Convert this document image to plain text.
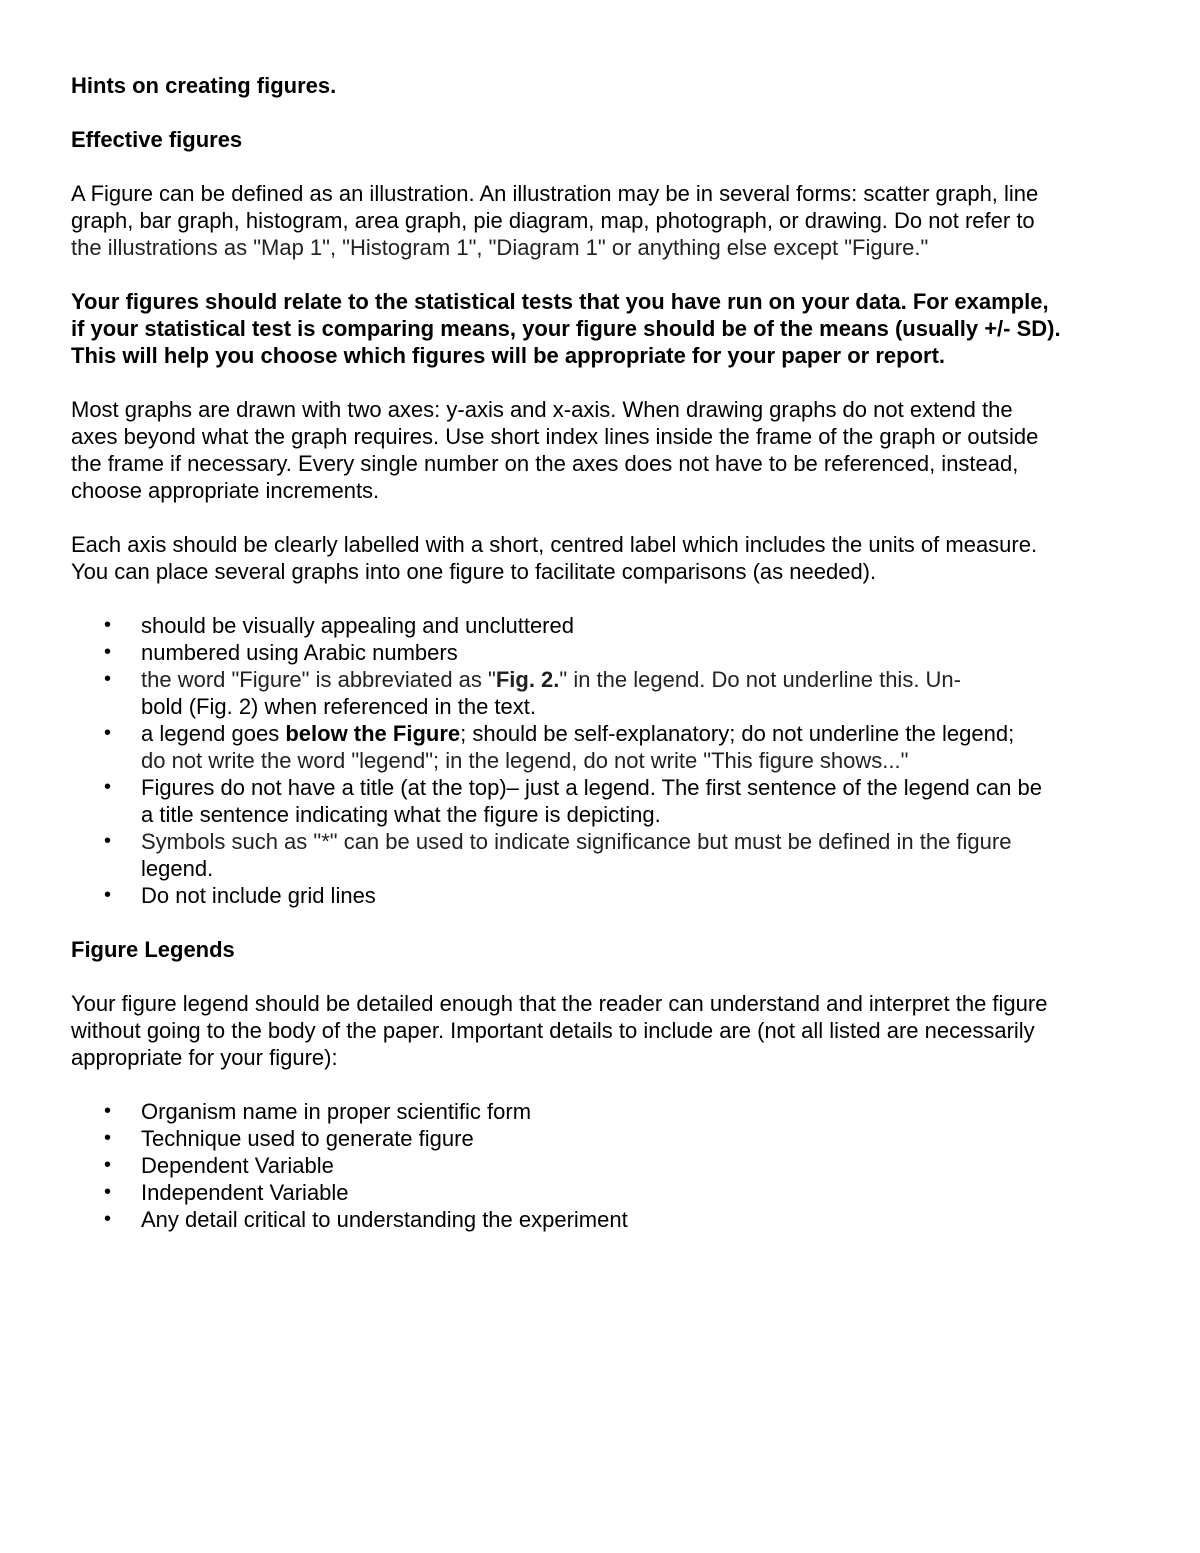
Hints on creating figures.

Effective figures

A Figure can be defined as an illustration. An illustration may be in several forms: scatter graph, line

graph, bar graph, histogram, area graph, pie diagram, map, photograph, or drawing. Do not refer to

the illustrations as "Map 1", "Histogram 1", "Diagram 1" or anything else except "Figure."

Your figures should relate to the statistical tests that you have run on your data. For example,

if your statistical test is comparing means, your figure should be of the means (usually +/- SD).

This will help you choose which figures will be appropriate for your paper or report.

Most graphs are drawn with two axes: y-axis and x-axis. When drawing graphs do not extend the

axes beyond what the graph requires. Use short index lines inside the frame of the graph or outside

the frame if necessary. Every single number on the axes does not have to be referenced, instead,

choose appropriate increments.

Each axis should be clearly labelled with a short, centred label which includes the units of measure.

You can place several graphs into one figure to facilitate comparisons (as needed).

• should be visually appealing and uncluttered
• numbered using Arabic numbers
• the word "Figure" is abbreviated as "Fig. 2." in the legend. Do not underline this. Un-
bold (Fig. 2) when referenced in the text.
• a legend goes below the Figure; should be self-explanatory; do not underline the legend;
do not write the word "legend"; in the legend, do not write "This figure shows..."
• Figures do not have a title (at the top)– just a legend. The first sentence of the legend can be
a title sentence indicating what the figure is depicting.
• Symbols such as "*" can be used to indicate significance but must be defined in the figure
legend.
• Do not include grid lines

Figure Legends

Your figure legend should be detailed enough that the reader can understand and interpret the figure

without going to the body of the paper. Important details to include are (not all listed are necessarily

appropriate for your figure):

• Organism name in proper scientific form
• Technique used to generate figure
• Dependent Variable
• Independent Variable
• Any detail critical to understanding the experiment
